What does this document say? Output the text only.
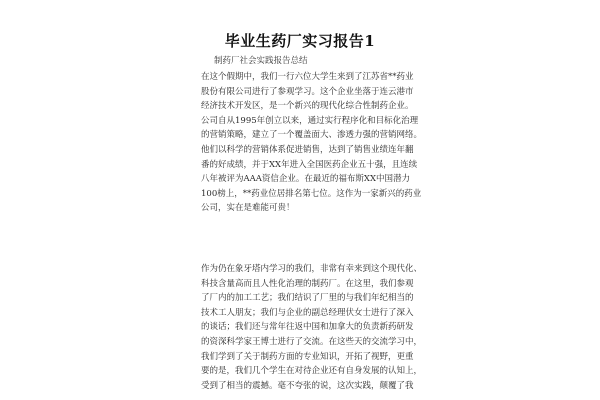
毕业生药厂实习报告1
制药厂社会实践报告总结
在这个假期中，我们一行六位大学生来到了江苏省**药业
股份有限公司进行了参观学习。这个企业坐落于连云港市
经济技术开发区，是一个新兴的现代化综合性制药企业。
公司自从1995年创立以来，通过实行程序化和目标化治理
的营销策略，建立了一个覆盖面大、渗透力强的营销网络。
他们以科学的营销体系促进销售，达到了销售业绩连年翻
番的好成绩，并于XX年进入全国医药企业五十强，且连续
八年被评为AAA资信企业。在最近的福布斯XX中国潜力
100榜上，**药业位居排名第七位。这作为一家新兴的药业
公司，实在是难能可贵！
作为仍在象牙塔内学习的我们，非常有幸来到这个现代化、
科技含量高而且人性化治理的制药厂。在这里，我们参观
了厂内的加工工艺；我们结识了厂里的与我们年纪相当的
技术工人朋友；我们与企业的副总经理伏女士进行了深入
的谈话；我们还与常年往返中国和加拿大的负责新药研发
的资深科学家王博士进行了交流。在这些天的交流学习中，
我们学到了关于制药方面的专业知识，开拓了视野，更重
要的是，我们几个学生在对待企业还有自身发展的认知上，
受到了相当的震撼。毫不夸张的说，这次实践，颠覆了我
